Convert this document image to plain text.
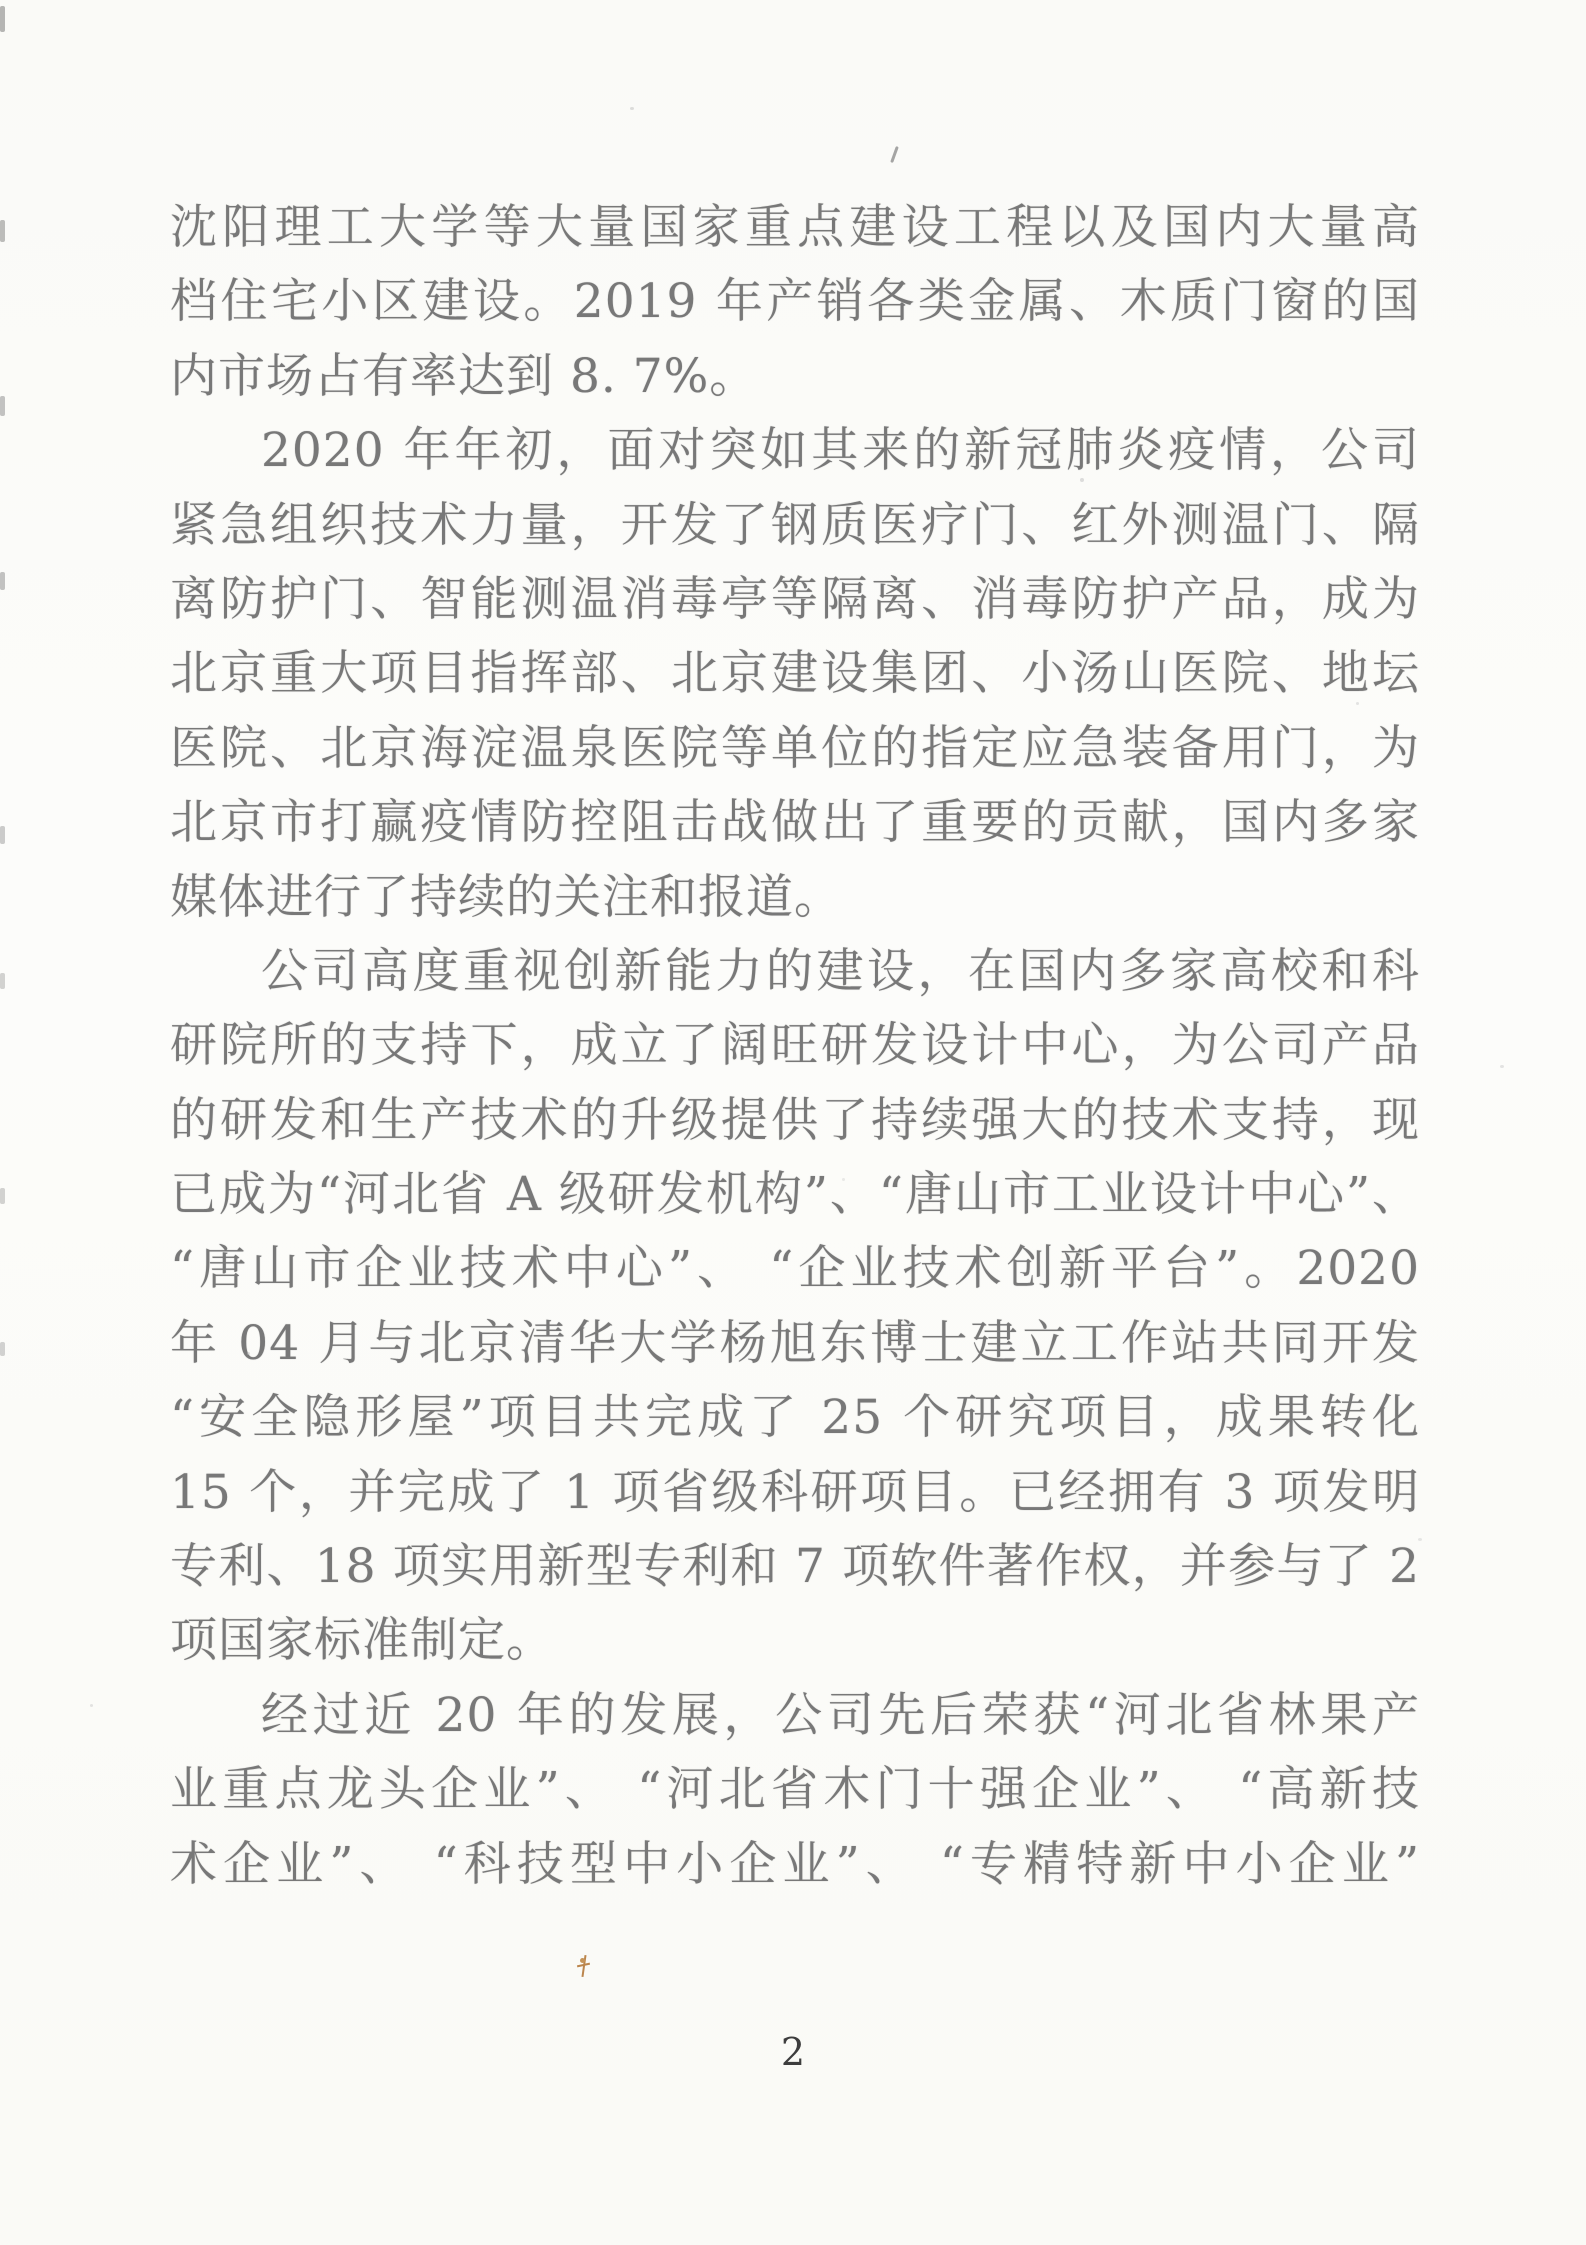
沈阳理工大学等大量国家重点建设工程以及国内大量高
档住宅小区建设。2019 年产销各类金属、木质门窗的国
内市场占有率达到 8. 7%。
2020 年年初，面对突如其来的新冠肺炎疫情，公司
紧急组织技术力量，开发了钢质医疗门、红外测温门、隔
离防护门、智能测温消毒亭等隔离、消毒防护产品，成为
北京重大项目指挥部、北京建设集团、小汤山医院、地坛
医院、北京海淀温泉医院等单位的指定应急装备用门，为
北京市打赢疫情防控阻击战做出了重要的贡献，国内多家
媒体进行了持续的关注和报道。
公司高度重视创新能力的建设，在国内多家高校和科
研院所的支持下，成立了阔旺研发设计中心，为公司产品
的研发和生产技术的升级提供了持续强大的技术支持，现
已成为“河北省 A 级研发机构”、“唐山市工业设计中心”、
“唐山市企业技术中心”、 “企业技术创新平台”。2020
年 04 月与北京清华大学杨旭东博士建立工作站共同开发
“安全隐形屋”项目共完成了 25 个研究项目，成果转化
15 个，并完成了 1 项省级科研项目。已经拥有 3 项发明
专利、18 项实用新型专利和 7 项软件著作权，并参与了 2
项国家标准制定。
经过近 20 年的发展，公司先后荣获“河北省林果产
业重点龙头企业”、 “河北省木门十强企业”、 “高新技
术企业”、 “科技型中小企业”、 “专精特新中小企业”
2
